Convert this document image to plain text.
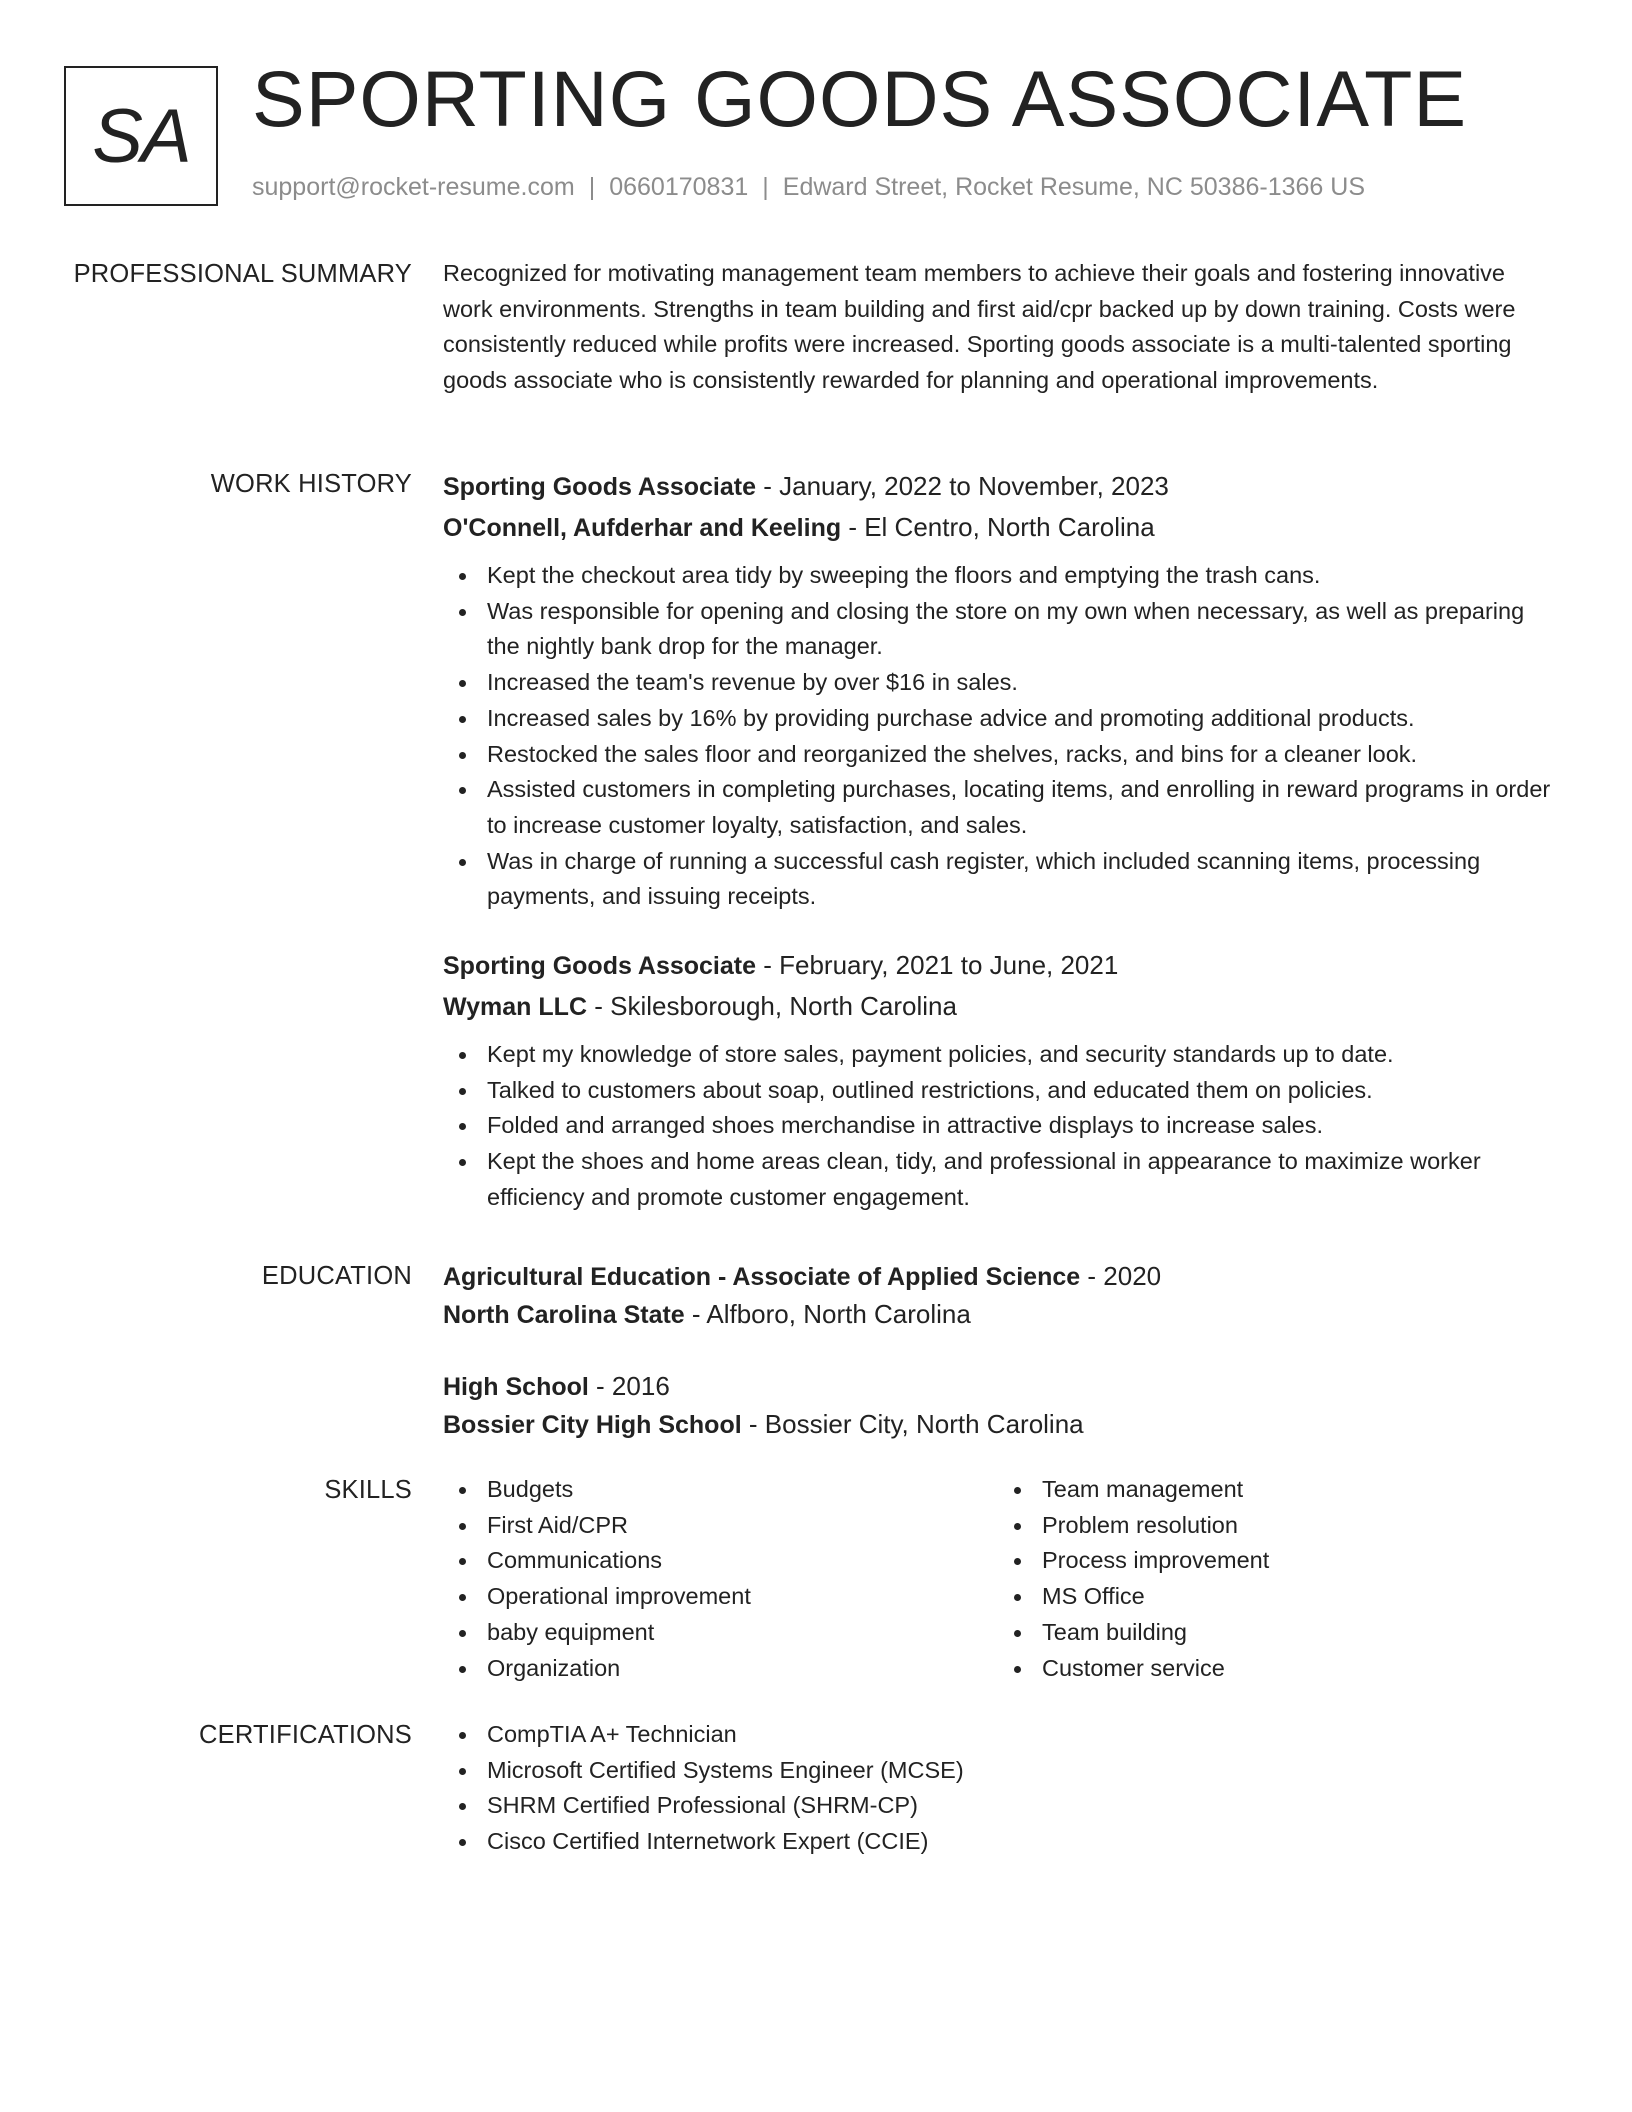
SA SPORTING GOODS ASSOCIATE
support@rocket-resume.com | 0660170831 | Edward Street, Rocket Resume, NC 50386-1366 US
PROFESSIONAL SUMMARY Recognized for motivating management team members to achieve their goals and fostering innovative work environments. Strengths in team building and first aid/cpr backed up by down training. Costs were consistently reduced while profits were increased. Sporting goods associate is a multi-talented sporting goods associate who is consistently rewarded for planning and operational improvements.

WORK HISTORY Sporting Goods Associate - January, 2022 to November, 2023
O'Connell, Aufderhar and Keeling - El Centro, North Carolina
Kept the checkout area tidy by sweeping the floors and emptying the trash cans.
Was responsible for opening and closing the store on my own when necessary, as well as preparing the nightly bank drop for the manager.
Increased the team's revenue by over $16 in sales.
Increased sales by 16% by providing purchase advice and promoting additional products.
Restocked the sales floor and reorganized the shelves, racks, and bins for a cleaner look.
Assisted customers in completing purchases, locating items, and enrolling in reward programs in order to increase customer loyalty, satisfaction, and sales.
Was in charge of running a successful cash register, which included scanning items, processing payments, and issuing receipts.
Sporting Goods Associate - February, 2021 to June, 2021
Wyman LLC - Skilesborough, North Carolina
Kept my knowledge of store sales, payment policies, and security standards up to date.
Talked to customers about soap, outlined restrictions, and educated them on policies.
Folded and arranged shoes merchandise in attractive displays to increase sales.
Kept the shoes and home areas clean, tidy, and professional in appearance to maximize worker efficiency and promote customer engagement.
EDUCATION Agricultural Education - Associate of Applied Science - 2020
North Carolina State - Alfboro, North Carolina
High School - 2016
Bossier City High School - Bossier City, North Carolina
SKILLS	Budgets
First Aid/CPR
Communications
Operational improvement
baby equipment
Organization
Team management
Problem resolution
Process improvement
MS Office
Team building
Customer service
CERTIFICATIONS	CompTIA A+ Technician
Microsoft Certified Systems Engineer (MCSE)
SHRM Certified Professional (SHRM-CP)
Cisco Certified Internetwork Expert (CCIE)
